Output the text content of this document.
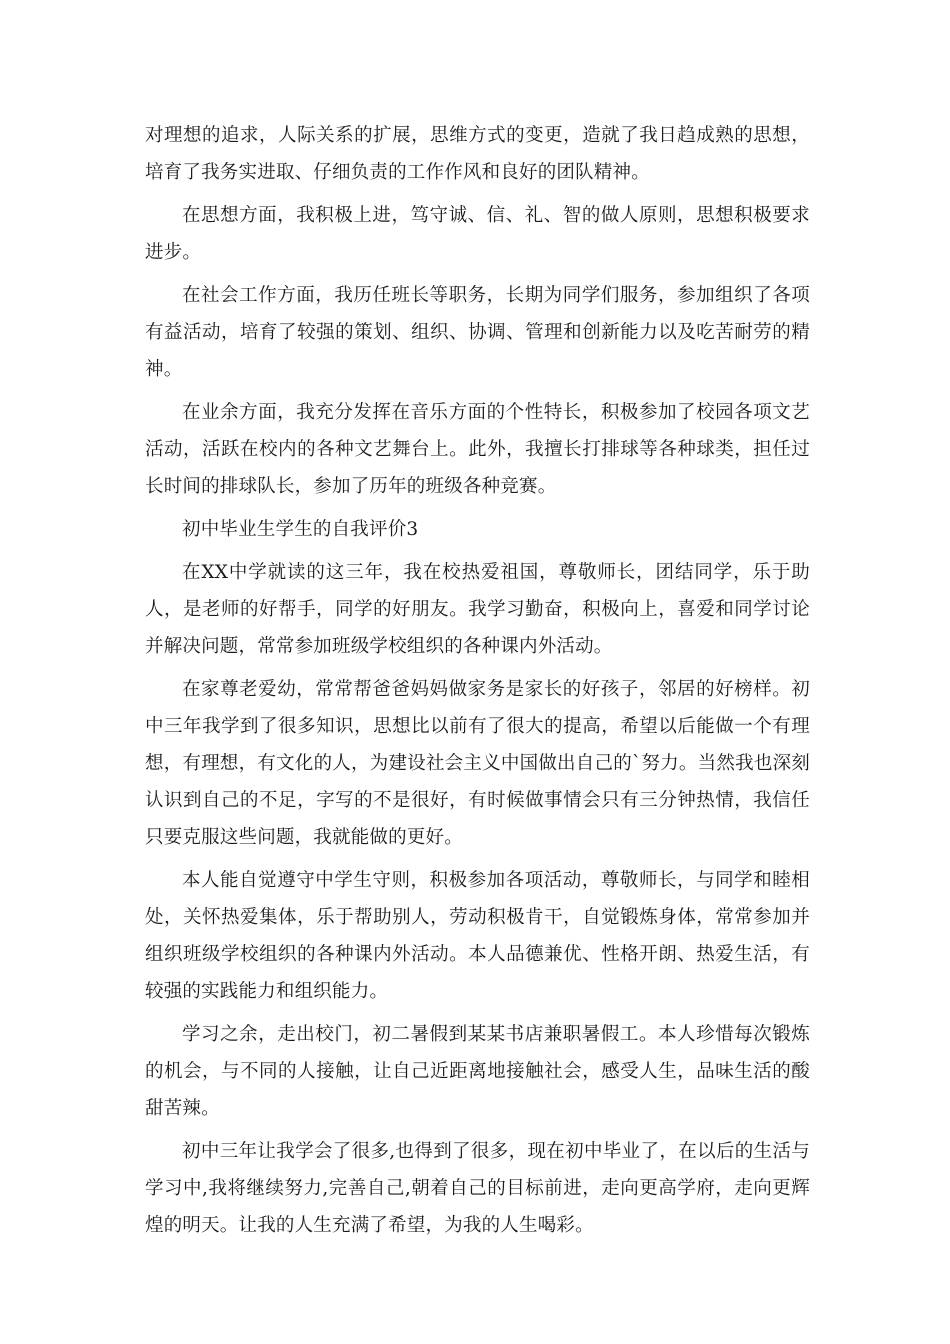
对理想的追求，人际关系的扩展，思维方式的变更，造就了我日趋成熟的思想，培育了我务实进取、仔细负责的工作作风和良好的团队精神。

在思想方面，我积极上进，笃守诚、信、礼、智的做人原则，思想积极要求进步。

在社会工作方面，我历任班长等职务，长期为同学们服务，参加组织了各项有益活动，培育了较强的策划、组织、协调、管理和创新能力以及吃苦耐劳的精神。

在业余方面，我充分发挥在音乐方面的个性特长，积极参加了校园各项文艺活动，活跃在校内的各种文艺舞台上。此外，我擅长打排球等各种球类，担任过长时间的排球队长，参加了历年的班级各种竞赛。

初中毕业生学生的自我评价3

在XX中学就读的这三年，我在校热爱祖国，尊敬师长，团结同学，乐于助人，是老师的好帮手，同学的好朋友。我学习勤奋，积极向上，喜爱和同学讨论并解决问题，常常参加班级学校组织的各种课内外活动。

在家尊老爱幼，常常帮爸爸妈妈做家务是家长的好孩子，邻居的好榜样。初中三年我学到了很多知识，思想比以前有了很大的提高，希望以后能做一个有理想，有理想，有文化的人，为建设社会主义中国做出自己的`努力。当然我也深刻认识到自己的不足，字写的不是很好，有时候做事情会只有三分钟热情，我信任只要克服这些问题，我就能做的更好。

本人能自觉遵守中学生守则，积极参加各项活动，尊敬师长，与同学和睦相处，关怀热爱集体，乐于帮助别人，劳动积极肯干，自觉锻炼身体，常常参加并组织班级学校组织的各种课内外活动。本人品德兼优、性格开朗、热爱生活，有较强的实践能力和组织能力。

学习之余，走出校门，初二暑假到某某书店兼职暑假工。本人珍惜每次锻炼的机会，与不同的人接触，让自己近距离地接触社会，感受人生，品味生活的酸甜苦辣。

初中三年让我学会了很多,也得到了很多，现在初中毕业了，在以后的生活与学习中,我将继续努力,完善自己,朝着自己的目标前进，走向更高学府，走向更辉煌的明天。让我的人生充满了希望，为我的人生喝彩。
